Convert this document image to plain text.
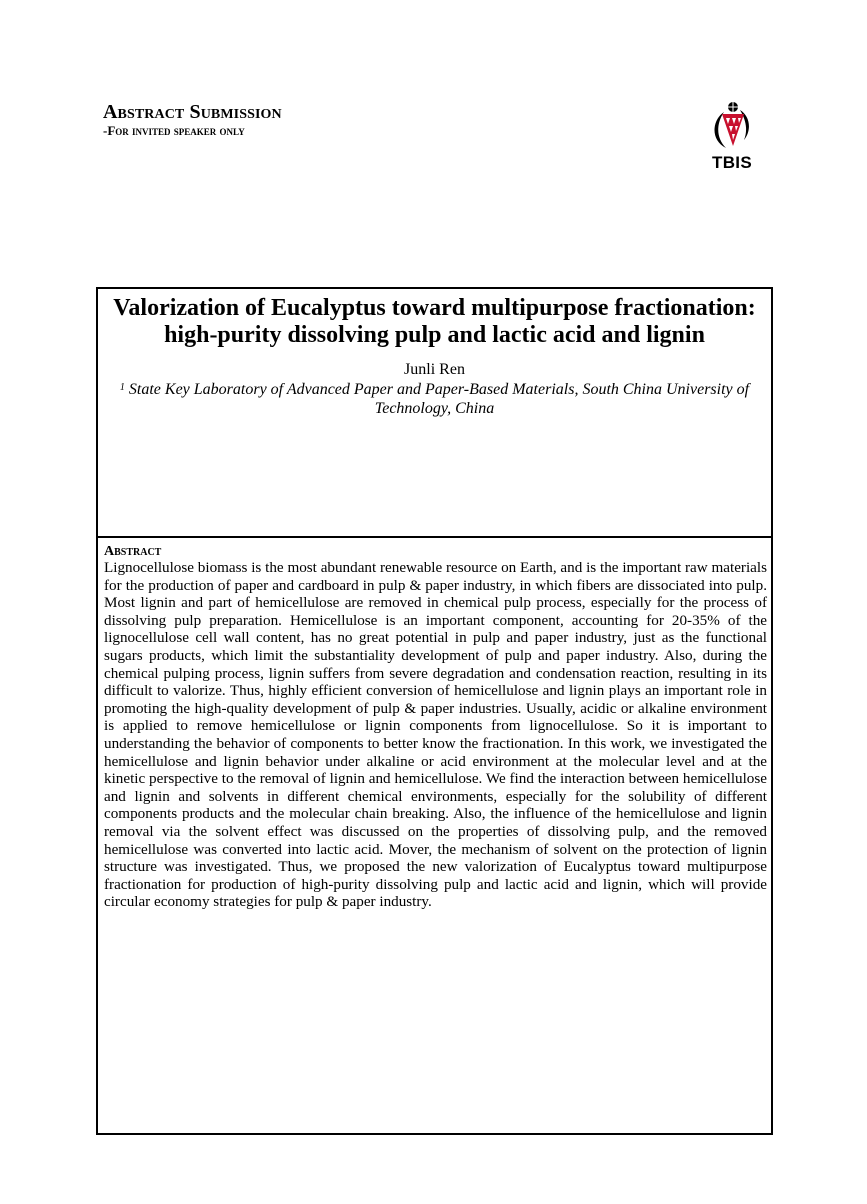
Abstract Submission
-For invited speaker only
TBIS
Valorization of Eucalyptus toward multipurpose fractionation: high-purity dissolving pulp and lactic acid and lignin
Junli Ren
$^1$ State Key Laboratory of Advanced Paper and Paper-Based Materials, South China University of Technology, China
Abstract
Lignocellulose biomass is the most abundant renewable resource on Earth, and is the important raw materials for the production of paper and cardboard in pulp & paper industry, in which fibers are dissociated into pulp. Most lignin and part of hemicellulose are removed in chemical pulp process, especially for the process of dissolving pulp preparation. Hemicellulose is an important component, accounting for 20-35% of the lignocellulose cell wall content, has no great potential in pulp and paper industry, just as the functional sugars products, which limit the substantiality development of pulp and paper industry. Also, during the chemical pulping process, lignin suffers from severe degradation and condensation reaction, resulting in its difficult to valorize. Thus, highly efficient conversion of hemicellulose and lignin plays an important role in promoting the high-quality development of pulp & paper industries. Usually, acidic or alkaline environment is applied to remove hemicellulose or lignin components from lignocellulose. So it is important to understanding the behavior of components to better know the fractionation. In this work, we investigated the hemicellulose and lignin behavior under alkaline or acid environment at the molecular level and at the kinetic perspective to the removal of lignin and hemicellulose. We find the interaction between hemicellulose and lignin and solvents in different chemical environments, especially for the solubility of different components products and the molecular chain breaking. Also, the influence of the hemicellulose and lignin removal via the solvent effect was discussed on the properties of dissolving pulp, and the removed hemicellulose was converted into lactic acid. Mover, the mechanism of solvent on the protection of lignin structure was investigated. Thus, we proposed the new valorization of Eucalyptus toward multipurpose fractionation for production of high-purity dissolving pulp and lactic acid and lignin, which will provide circular economy strategies for pulp & paper industry.
